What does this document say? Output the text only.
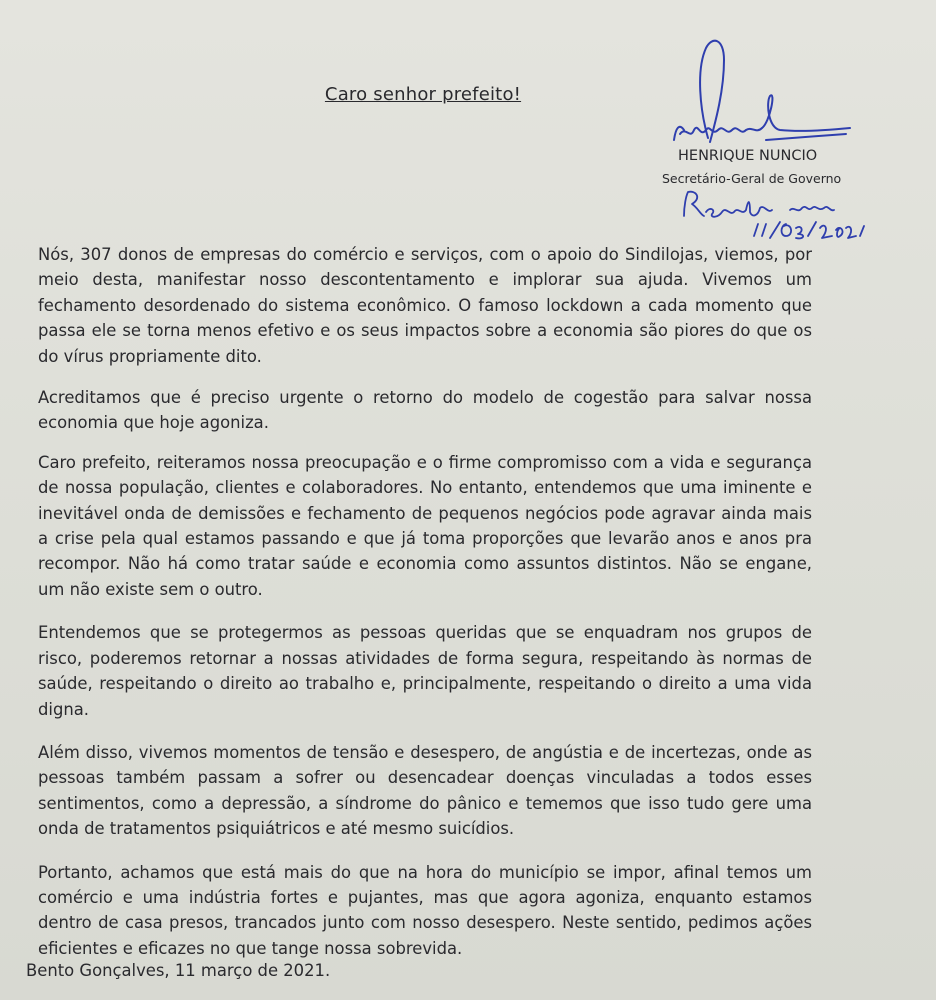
Caro senhor prefeito!
HENRIQUE NUNCIO
Secretário-Geral de Governo

Nós, 307 donos de empresas do comércio e serviços, com o apoio do Sindilojas, viemos, por meio desta, manifestar nosso descontentamento e implorar sua ajuda. Vivemos um fechamento desordenado do sistema econômico. O famoso lockdown a cada momento que passa ele se torna menos efetivo e os seus impactos sobre a economia são piores do que os do vírus propriamente dito.

Acreditamos que é preciso urgente o retorno do modelo de cogestão para salvar nossa economia que hoje agoniza.

Caro prefeito, reiteramos nossa preocupação e o firme compromisso com a vida e segurança de nossa população, clientes e colaboradores. No entanto, entendemos que uma iminente e inevitável onda de demissões e fechamento de pequenos negócios pode agravar ainda mais a crise pela qual estamos passando e que já toma proporções que levarão anos e anos pra recompor. Não há como tratar saúde e economia como assuntos distintos. Não se engane, um não existe sem o outro.

Entendemos que se protegermos as pessoas queridas que se enquadram nos grupos de risco, poderemos retornar a nossas atividades de forma segura, respeitando às normas de saúde, respeitando o direito ao trabalho e, principalmente, respeitando o direito a uma vida digna.

Além disso, vivemos momentos de tensão e desespero, de angústia e de incertezas, onde as pessoas também passam a sofrer ou desencadear doenças vinculadas a todos esses sentimentos, como a depressão, a síndrome do pânico e tememos que isso tudo gere uma onda de tratamentos psiquiátricos e até mesmo suicídios.

Portanto, achamos que está mais do que na hora do município se impor, afinal temos um comércio e uma indústria fortes e pujantes, mas que agora agoniza, enquanto estamos dentro de casa presos, trancados junto com nosso desespero. Neste sentido, pedimos ações eficientes e eficazes no que tange nossa sobrevida.

Bento Gonçalves, 11 março de 2021.
